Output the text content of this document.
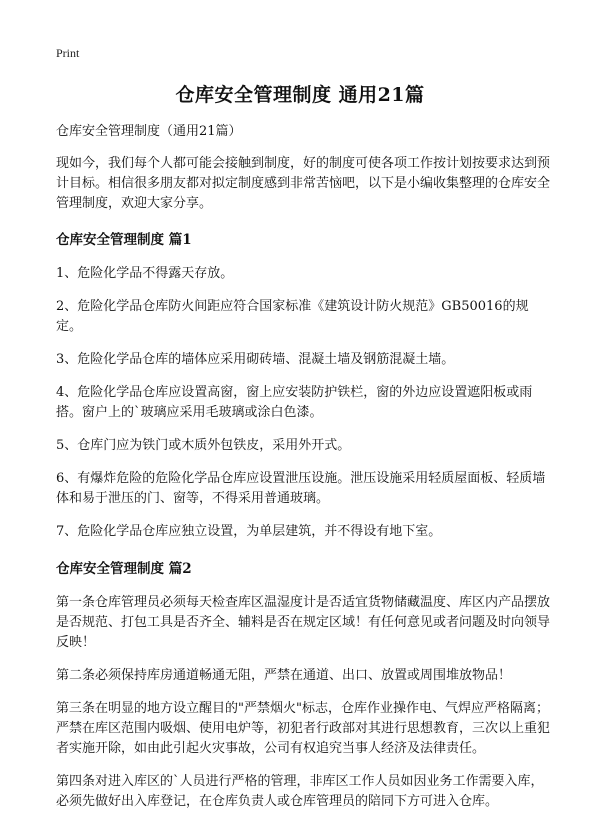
Print
仓库安全管理制度 通用21篇

仓库安全管理制度（通用21篇）

现如今，我们每个人都可能会接触到制度，好的制度可使各项工作按计划按要求达到预计目标。相信很多朋友都对拟定制度感到非常苦恼吧，以下是小编收集整理的仓库安全管理制度，欢迎大家分享。

仓库安全管理制度 篇1

1、危险化学品不得露天存放。

2、危险化学品仓库防火间距应符合国家标准《建筑设计防火规范》GB50016的规定。

3、危险化学品仓库的墙体应采用砌砖墙、混凝土墙及钢筋混凝土墙。

4、危险化学品仓库应设置高窗，窗上应安装防护铁栏，窗的外边应设置遮阳板或雨搭。窗户上的`玻璃应采用毛玻璃或涂白色漆。

5、仓库门应为铁门或木质外包铁皮，采用外开式。

6、有爆炸危险的危险化学品仓库应设置泄压设施。泄压设施采用轻质屋面板、轻质墙体和易于泄压的门、窗等，不得采用普通玻璃。

7、危险化学品仓库应独立设置，为单层建筑，并不得设有地下室。

仓库安全管理制度 篇2

第一条仓库管理员必须每天检查库区温湿度计是否适宜货物储藏温度、库区内产品摆放是否规范、打包工具是否齐全、辅料是否在规定区域！有任何意见或者问题及时向领导反映！

第二条必须保持库房通道畅通无阻，严禁在通道、出口、放置或周围堆放物品！

第三条在明显的地方设立醒目的"严禁烟火"标志，仓库作业操作电、气焊应严格隔离；严禁在库区范围内吸烟、使用电炉等，初犯者行政部对其进行思想教育，三次以上重犯者实施开除，如由此引起火灾事故，公司有权追究当事人经济及法律责任。

第四条对进入库区的`人员进行严格的管理，非库区工作人员如因业务工作需要入库，必须先做好出入库登记，在仓库负责人或仓库管理员的陪同下方可进入仓库。
